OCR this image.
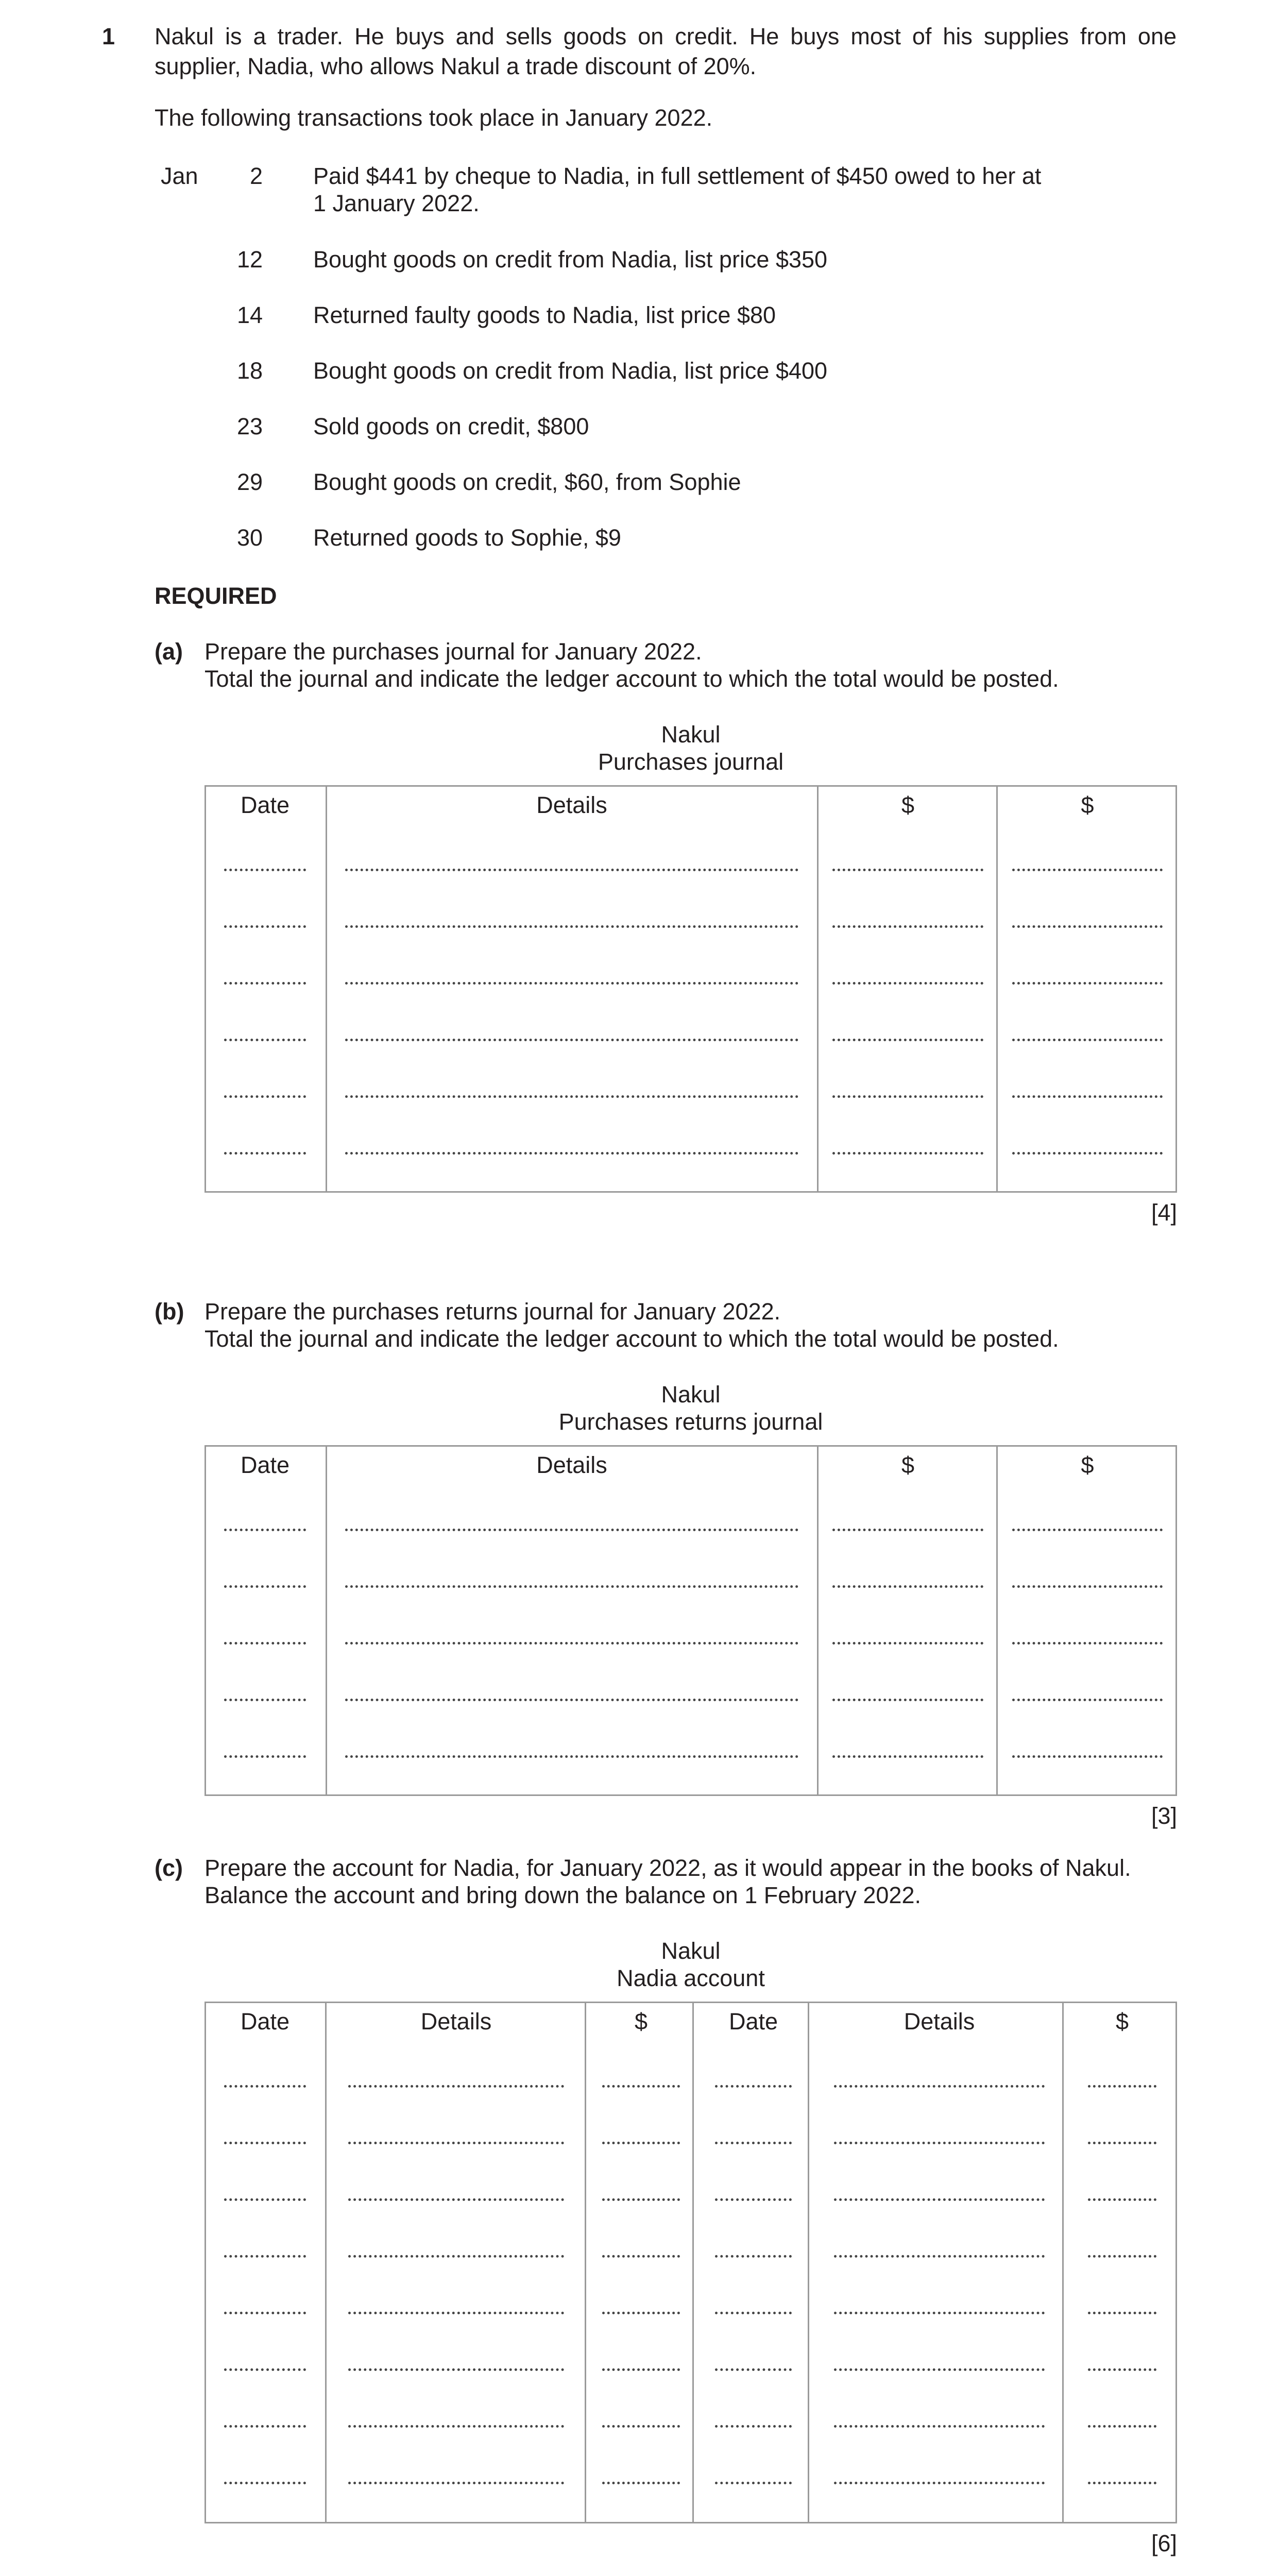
1 Nakul is a trader. He buys and sells goods on credit. He buys most of his supplies from one supplier, Nadia, who allows Nakul a trade discount of 20%.
The following transactions took place in January 2022.
Jan	2 Paid $441 by cheque to Nadia, in full settlement of $450 owed to her at
1 January 2022.
12 Bought goods on credit from Nadia, list price $350
14 Returned faulty goods to Nadia, list price $80
18 Bought goods on credit from Nadia, list price $400
23 Sold goods on credit, $800
29 Bought goods on credit, $60, from Sophie
30 Returned goods to Sophie, $9
REQUIRED
(a) Prepare the purchases journal for January 2022.
Total the journal and indicate the ledger account to which the total would be posted.
Nakul
Purchases journal

[4]
(b) Prepare the purchases returns journal for January 2022.
Total the journal and indicate the ledger account to which the total would be posted.
Nakul
Purchases returns journal

[3]
(c) Prepare the account for Nadia, for January 2022, as it would appear in the books of Nakul.
Balance the account and bring down the balance on 1 February 2022.
Nakul
Nadia account

[6]

Date	Details	$	$
Date	Details	$	$
Date	Details	$	Date	Details	$
